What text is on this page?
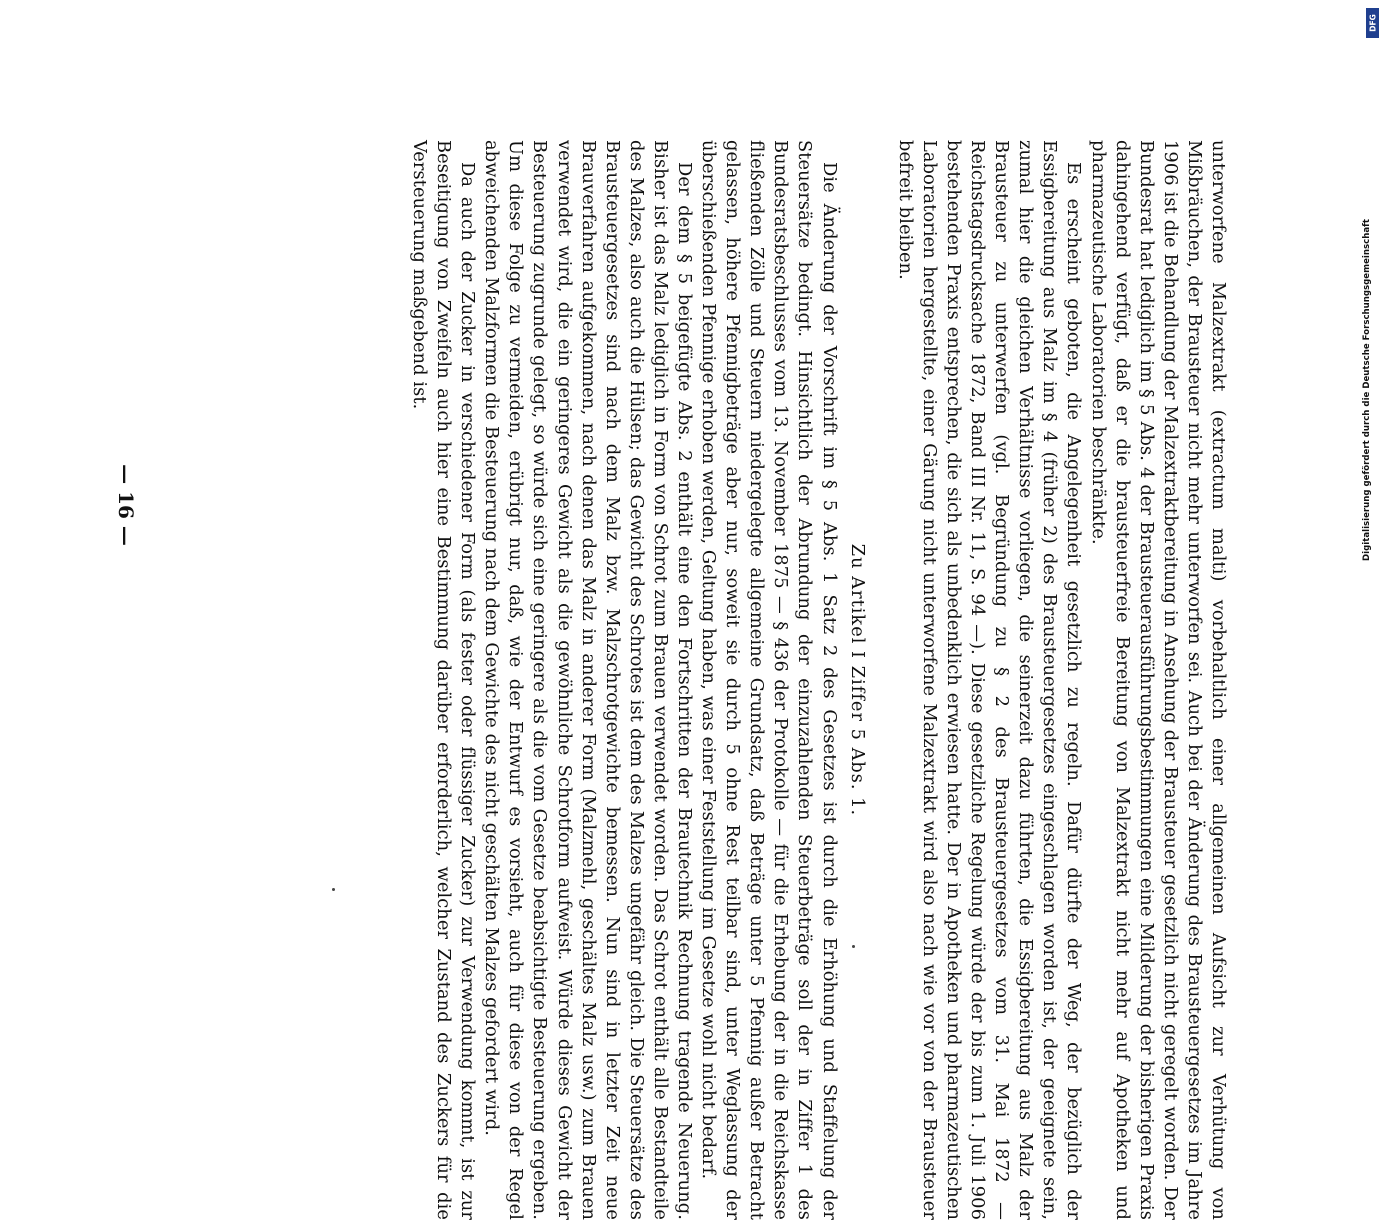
— 16 —	unterworfene Malzextrakt (extractum malti) vorbehaltlich einer allgemeinen Aufsicht zur Verhütung von Mißbräuchen, der Brausteuer nicht mehr unterworfen sei. Auch bei der Änderung des Brausteuergesetzes im Jahre 1906 ist die Behandlung der Malzextraktbereitung in Ansehung der Brausteuer gesetzlich nicht geregelt worden. Der Bundesrat hat lediglich im § 5 Abs. 4 der Brausteuerausführungsbestimmungen eine Milderung der bisherigen Praxis dahingehend verfügt, daß er die brausteuerfreie Bereitung von Malzextrakt nicht mehr auf Apotheken und pharmazeutische Laboratorien beschränkte.

Es erscheint geboten, die Angelegenheit gesetzlich zu regeln. Dafür dürfte der Weg, der bezüglich der Essigbereitung aus Malz im § 4 (früher 2) des Brausteuergesetzes eingeschlagen worden ist, der geeignete sein, zumal hier die gleichen Verhältnisse vorliegen, die seinerzeit dazu führten, die Essigbereitung aus Malz der Brausteuer zu unterwerfen (vgl. Begründung zu § 2 des Brausteuergesetzes vom 31. Mai 1872 — Reichstagsdrucksache 1872, Band III Nr. 11, S. 94 —). Diese gesetzliche Regelung würde der bis zum 1. Juli 1906 bestehenden Praxis entsprechen, die sich als unbedenklich erwiesen hatte. Der in Apotheken und pharmazeutischen Laboratorien hergestellte, einer Gärung nicht unterworfene Malzextrakt wird also nach wie vor von der Brausteuer befreit bleiben.

Zu Artikel I Ziffer 5 Abs. 1.

Die Änderung der Vorschrift im § 5 Abs. 1 Satz 2 des Gesetzes ist durch die Erhöhung und Staffelung der Steuersätze bedingt. Hinsichtlich der Abrundung der einzuzahlenden Steuerbeträge soll der in Ziffer 1 des Bundesratsbeschlusses vom 13. November 1875 — § 436 der Protokolle — für die Erhebung der in die Reichskasse fließenden Zölle und Steuern niedergelegte allgemeine Grundsatz, daß Beträge unter 5 Pfennig außer Betracht gelassen, höhere Pfennigbeträge aber nur, soweit sie durch 5 ohne Rest teilbar sind, unter Weglassung der überschießenden Pfennige erhoben werden, Geltung haben, was einer Feststellung im Gesetze wohl nicht bedarf.

Der dem § 5 beigefügte Abs. 2 enthält eine den Fortschritten der Brautechnik Rechnung tragende Neuerung. Bisher ist das Malz lediglich in Form von Schrot zum Brauen verwendet worden. Das Schrot enthält alle Bestandteile des Malzes, also auch die Hülsen; das Gewicht des Schrotes ist dem des Malzes ungefähr gleich. Die Steuersätze des Brausteuergesetzes sind nach dem Malz bzw. Malzschrotgewichte bemessen. Nun sind in letzter Zeit neue Brauverfahren aufgekommen, nach denen das Malz in anderer Form (Malzmehl, geschältes Malz usw.) zum Brauen verwendet wird, die ein geringeres Gewicht als die gewöhnliche Schrotform aufweist. Würde dieses Gewicht der Besteuerung zugrunde gelegt, so würde sich eine geringere als die vom Gesetze beabsichtigte Besteuerung ergeben. Um diese Folge zu vermeiden, erübrigt nur, daß, wie der Entwurf es vorsieht, auch für diese von der Regel abweichenden Malzformen die Besteuerung nach dem Gewichte des nicht geschälten Malzes gefordert wird.

Da auch der Zucker in verschiedener Form (als fester oder flüssiger Zucker) zur Verwendung kommt, ist zur Beseitigung von Zweifeln auch hier eine Bestimmung darüber erforderlich, welcher Zustand des Zuckers für die Versteuerung maßgebend ist.	Digitalisierung gefördert durch die Deutsche Forschungsgemeinschaft
DFG
